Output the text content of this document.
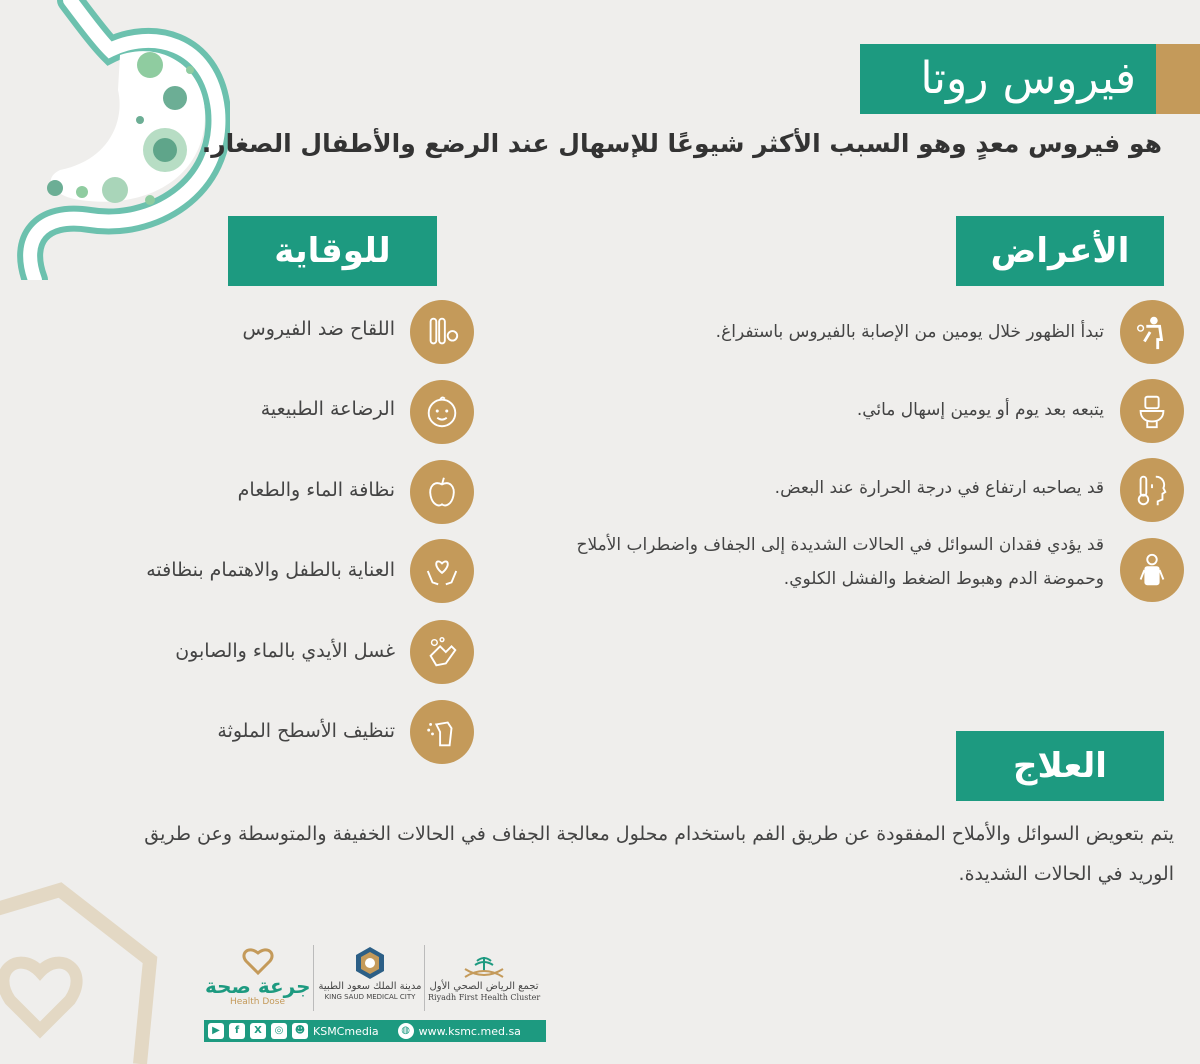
فيروس روتا
هو فيروس معدٍ وهو السبب الأكثر شيوعًا للإسهال عند الرضع والأطفال الصغار.
الأعراض
للوقاية
العلاج
تبدأ الظهور خلال يومين من الإصابة بالفيروس باستفراغ.
يتبعه بعد يوم أو يومين إسهال مائي.
قد يصاحبه ارتفاع في درجة الحرارة عند البعض.
قد يؤدي فقدان السوائل في الحالات الشديدة إلى الجفاف واضطراب الأملاح وحموضة الدم وهبوط الضغط والفشل الكلوي.
اللقاح ضد الفيروس
الرضاعة الطبيعية
نظافة الماء والطعام
العناية بالطفل والاهتمام بنظافته
غسل الأيدي بالماء والصابون
تنظيف الأسطح الملوثة
يتم بتعويض السوائل والأملاح المفقودة عن طريق الفم باستخدام محلول معالجة الجفاف في الحالات الخفيفة والمتوسطة وعن طريق الوريد في الحالات الشديدة.
جرعة صحة
Health Dose
مدينة الملك سعود الطبية
KING SAUD MEDICAL CITY
تجمع الرياض الصحي الأول
Riyadh First Health Cluster
▶	f	X	◎	☻ KSMCmedia	◍ www.ksmc.med.sa
